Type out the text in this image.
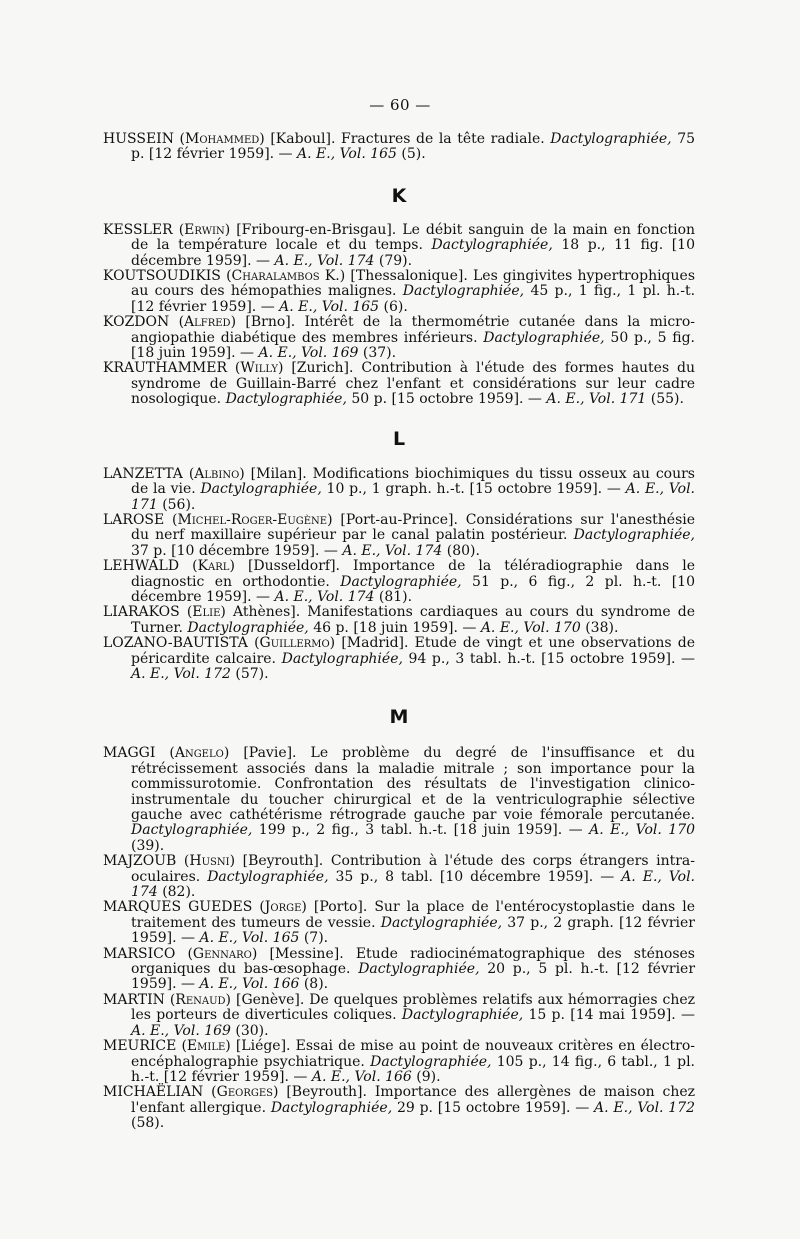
— 60 —
HUSSEIN (Mohammed) [Kaboul]. Fractures de la tête radiale. Dactylographiée, 75 p. [12 février 1959]. — A. E., Vol. 165 (5).
K
KESSLER (Erwin) [Fribourg-en-Brisgau]. Le débit sanguin de la main en fonction de la température locale et du temps. Dactylographiée, 18 p., 11 fig. [10 décembre 1959]. — A. E., Vol. 174 (79).
KOUTSOUDIKIS (Charalambos K.) [Thessalonique]. Les gingivites hypertrophiques au cours des hémopathies malignes. Dactylographiée, 45 p., 1 fig., 1 pl. h.-t. [12 février 1959]. — A. E., Vol. 165 (6).
KOZDON (Alfred) [Brno]. Intérêt de la thermométrie cutanée dans la micro-angiopathie diabétique des membres inférieurs. Dactylographiée, 50 p., 5 fig. [18 juin 1959]. — A. E., Vol. 169 (37).
KRAUTHAMMER (Willy) [Zurich]. Contribution à l'étude des formes hautes du syndrome de Guillain-Barré chez l'enfant et considérations sur leur cadre nosologique. Dactylographiée, 50 p. [15 octobre 1959]. — A. E., Vol. 171 (55).
L
LANZETTA (Albino) [Milan]. Modifications biochimiques du tissu osseux au cours de la vie. Dactylographiée, 10 p., 1 graph. h.-t. [15 octobre 1959]. — A. E., Vol. 171 (56).
LAROSE (Michel-Roger-Eugène) [Port-au-Prince]. Considérations sur l'anesthésie du nerf maxillaire supérieur par le canal palatin postérieur. Dactylographiée, 37 p. [10 décembre 1959]. — A. E., Vol. 174 (80).
LEHWALD (Karl) [Dusseldorf]. Importance de la téléradiographie dans le diagnostic en orthodontie. Dactylographiée, 51 p., 6 fig., 2 pl. h.-t. [10 décembre 1959]. — A. E., Vol. 174 (81).
LIARAKOS (Elie) Athènes]. Manifestations cardiaques au cours du syndrome de Turner. Dactylographiée, 46 p. [18 juin 1959]. — A. E., Vol. 170 (38).
LOZANO-BAUTISTA (Guillermo) [Madrid]. Etude de vingt et une observations de péricardite calcaire. Dactylographiée, 94 p., 3 tabl. h.-t. [15 octobre 1959]. — A. E., Vol. 172 (57).
M
MAGGI (Angelo) [Pavie]. Le problème du degré de l'insuffisance et du rétrécissement associés dans la maladie mitrale ; son importance pour la commissurotomie. Confrontation des résultats de l'investigation clinico-instrumentale du toucher chirurgical et de la ventriculographie sélective gauche avec cathétérisme rétrograde gauche par voie fémorale percutanée. Dactylographiée, 199 p., 2 fig., 3 tabl. h.-t. [18 juin 1959]. — A. E., Vol. 170 (39).
MAJZOUB (Husni) [Beyrouth]. Contribution à l'étude des corps étrangers intra-oculaires. Dactylographiée, 35 p., 8 tabl. [10 décembre 1959]. — A. E., Vol. 174 (82).
MARQUES GUEDES (Jorge) [Porto]. Sur la place de l'entérocystoplastie dans le traitement des tumeurs de vessie. Dactylographiée, 37 p., 2 graph. [12 février 1959]. — A. E., Vol. 165 (7).
MARSICO (Gennaro) [Messine]. Etude radiocinématographique des sténoses organiques du bas-œsophage. Dactylographiée, 20 p., 5 pl. h.-t. [12 février 1959]. — A. E., Vol. 166 (8).
MARTIN (Renaud) [Genève]. De quelques problèmes relatifs aux hémorragies chez les porteurs de diverticules coliques. Dactylographiée, 15 p. [14 mai 1959]. — A. E., Vol. 169 (30).
MEURICE (Emile) [Liége]. Essai de mise au point de nouveaux critères en électro-encéphalographie psychiatrique. Dactylographiée, 105 p., 14 fig., 6 tabl., 1 pl. h.-t. [12 février 1959]. — A. E., Vol. 166 (9).
MICHAËLIAN (Georges) [Beyrouth]. Importance des allergènes de maison chez l'enfant allergique. Dactylographiée, 29 p. [15 octobre 1959]. — A. E., Vol. 172 (58).
